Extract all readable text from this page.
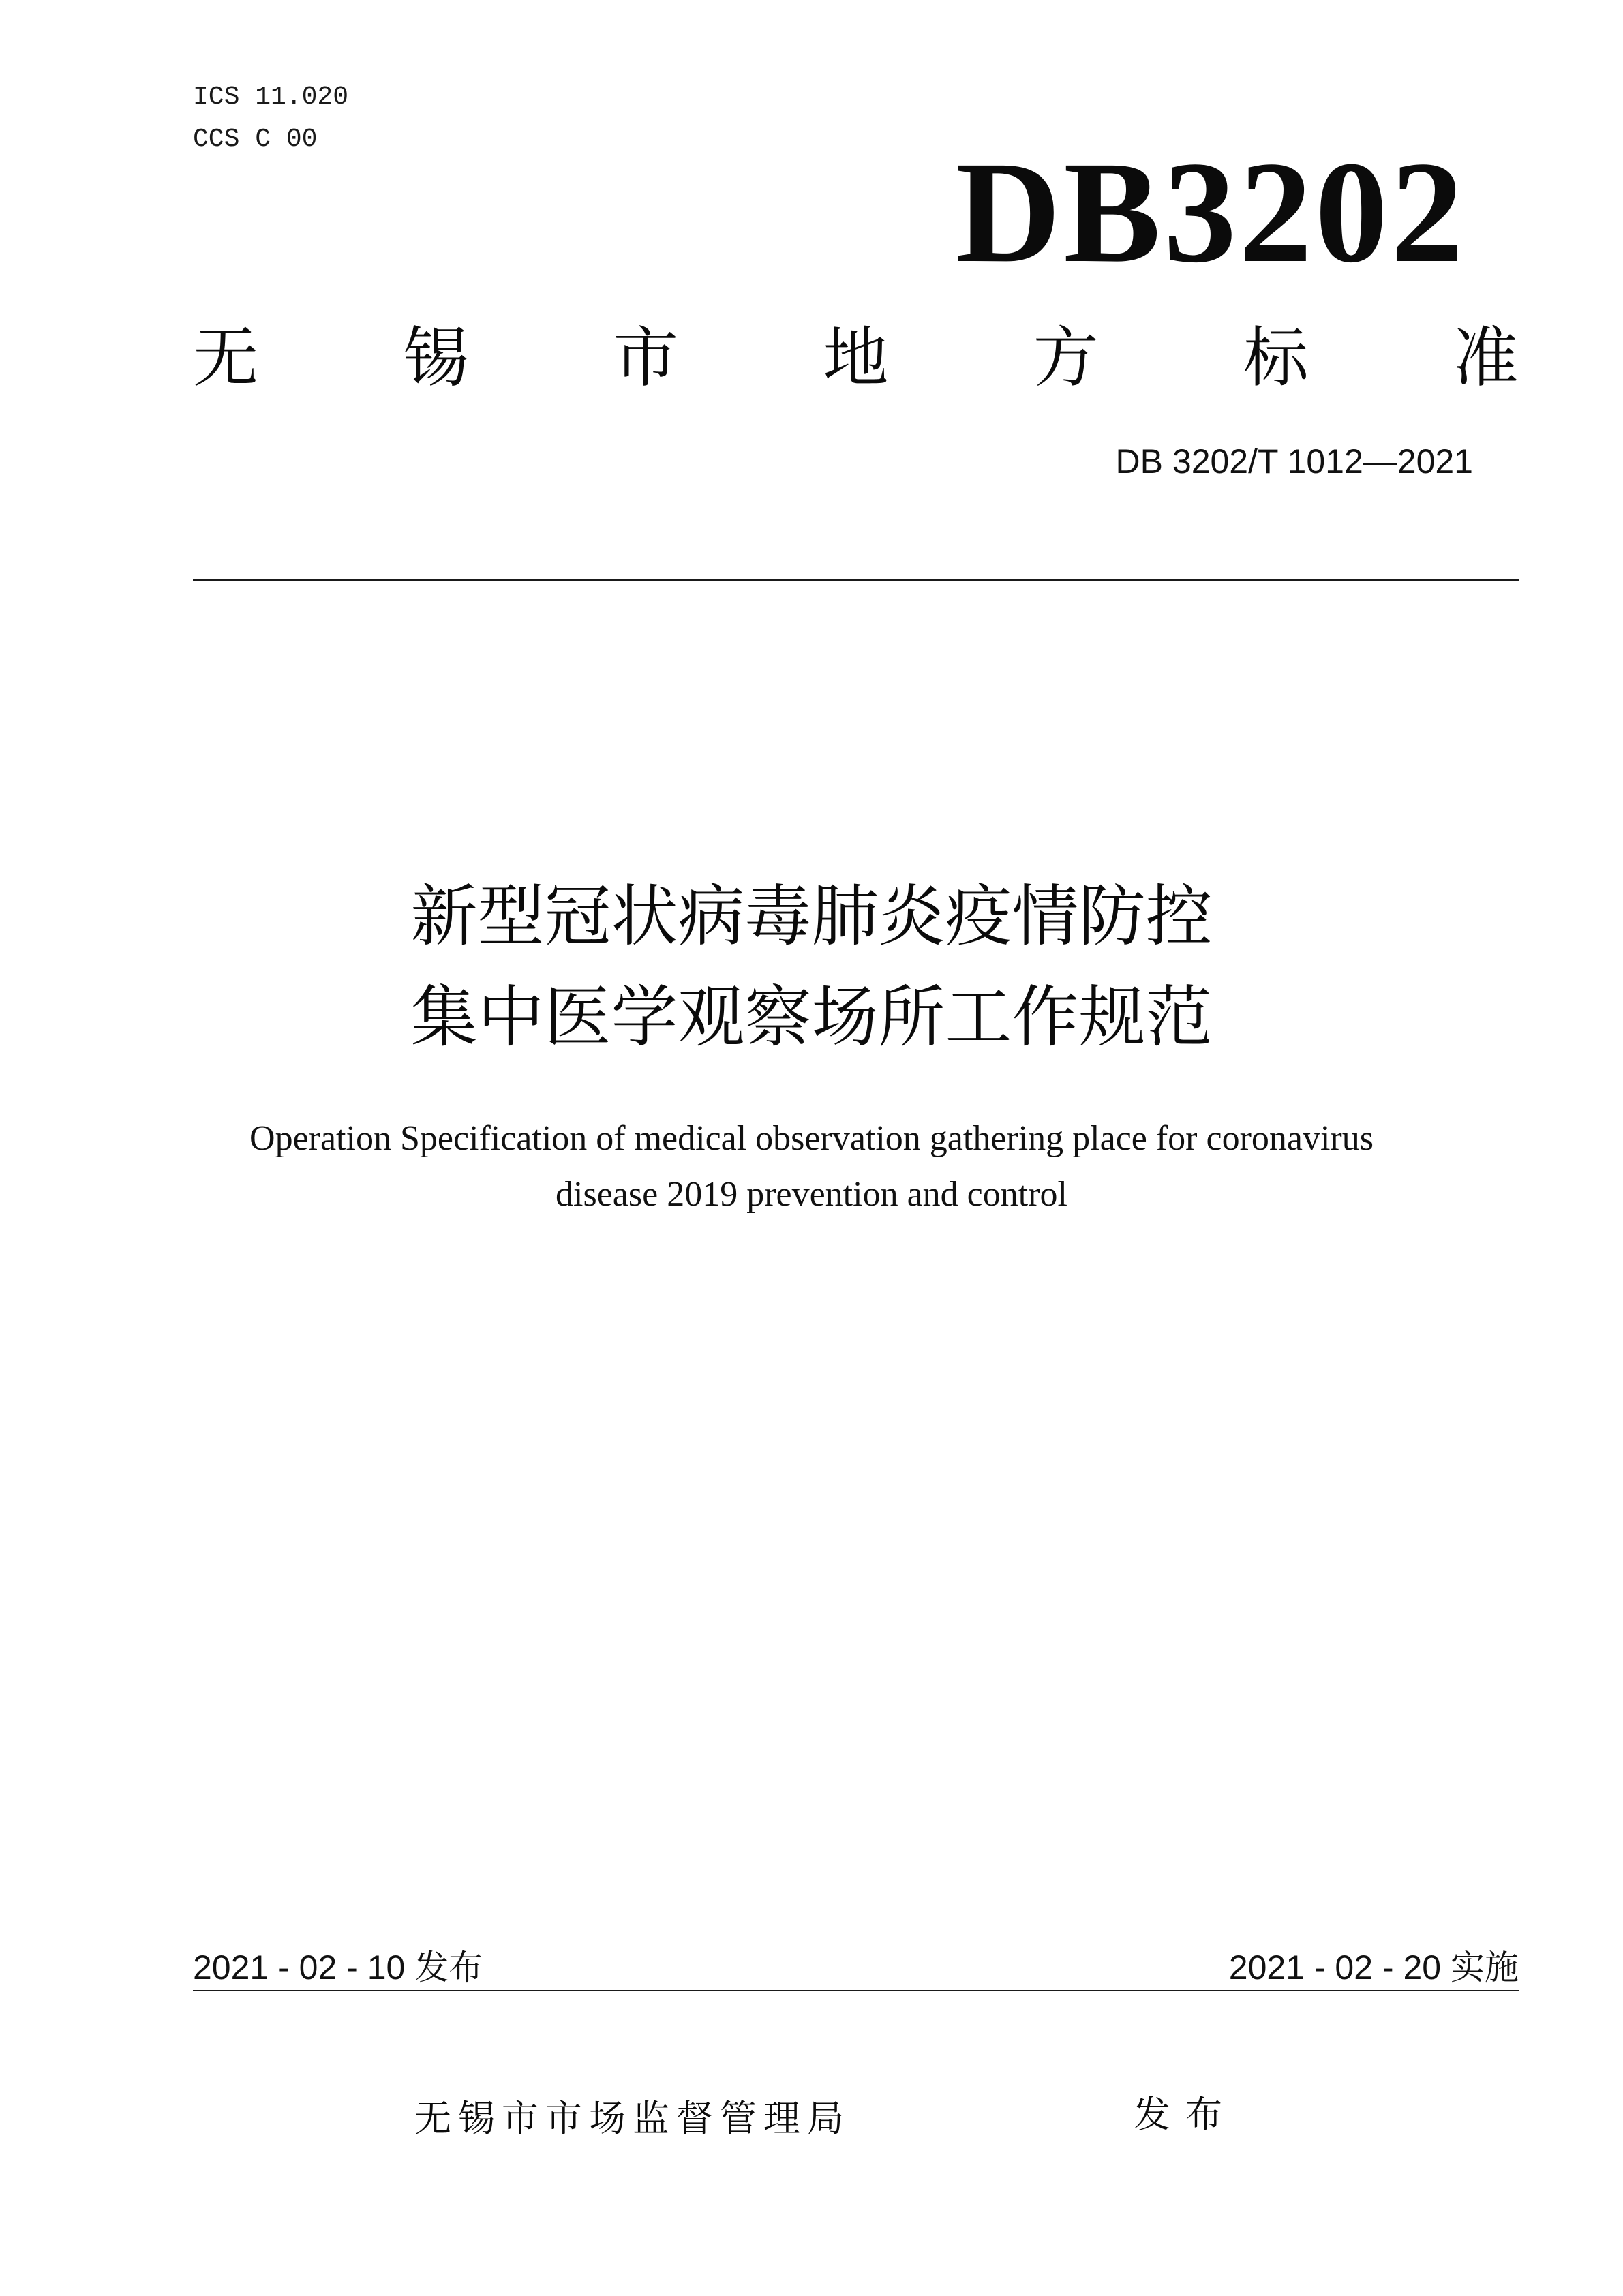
ICS 11.020
CCS C 00	DB3202
无 锡 市 地 方 标 准
DB 3202/T 1012—2021
新型冠状病毒肺炎疫情防控
集中医学观察场所工作规范
Operation Specification of medical observation gathering place for coronavirus
disease 2019 prevention and control
2021 - 02 - 10 发布	2021 - 02 - 20 实施
无锡市市场监督管理局	发布
